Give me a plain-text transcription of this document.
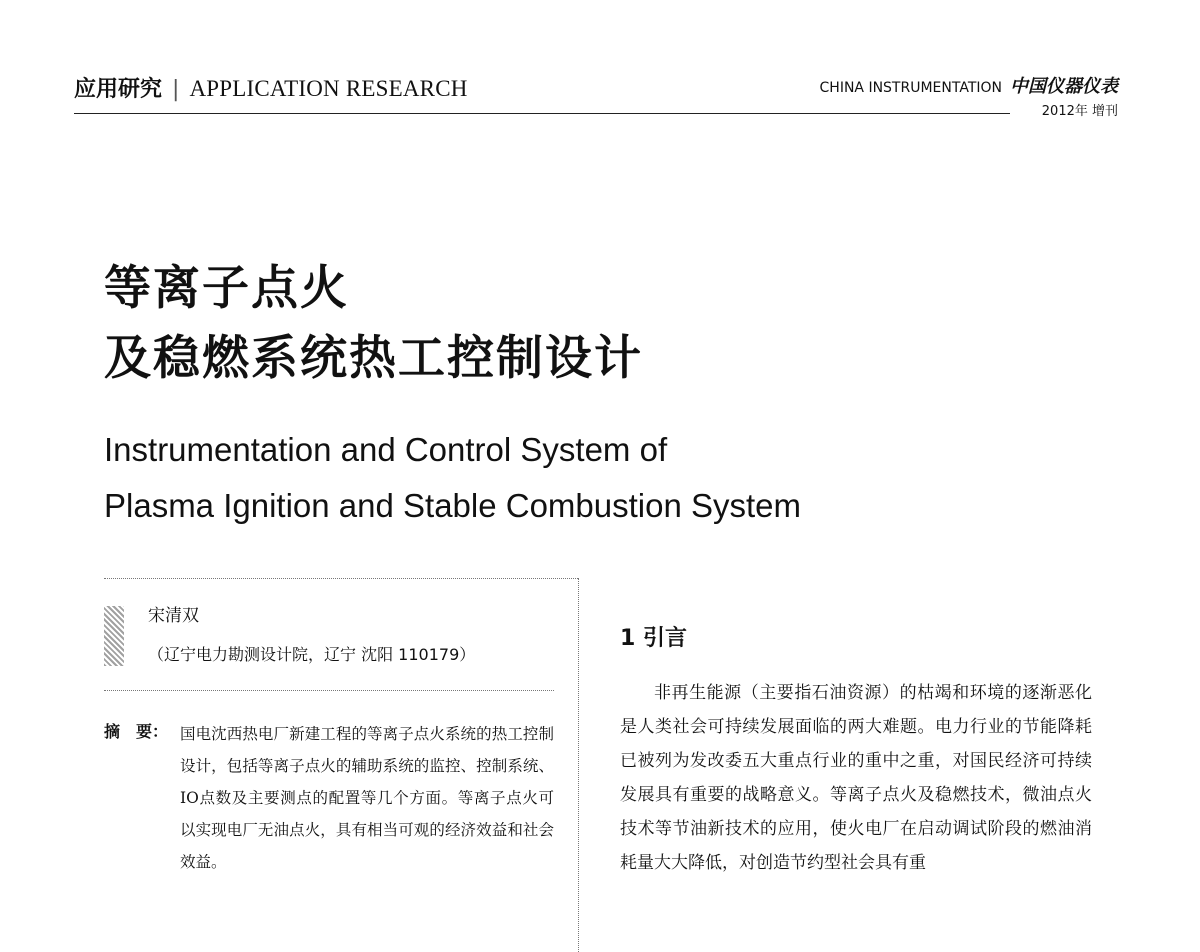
应用研究 | APPLICATION RESEARCH	CHINA INSTRUMENTATION 中国仪器仪表
2012年 增刊
等离子点火
及稳燃系统热工控制设计
Instrumentation and Control System of
Plasma Ignition and Stable Combustion System
宋清双
（辽宁电力勘测设计院，辽宁 沈阳 110179）
摘　要： 国电沈西热电厂新建工程的等离子点火系统的热工控制设计，包括等离子点火的辅助系统的监控、控制系统、IO点数及主要测点的配置等几个方面。等离子点火可以实现电厂无油点火，具有相当可观的经济效益和社会效益。
1 引言
非再生能源（主要指石油资源）的枯竭和环境的逐渐恶化是人类社会可持续发展面临的两大难题。电力行业的节能降耗已被列为发改委五大重点行业的重中之重，对国民经济可持续发展具有重要的战略意义。等离子点火及稳燃技术，微油点火技术等节油新技术的应用，使火电厂在启动调试阶段的燃油消耗量大大降低，对创造节约型社会具有重
